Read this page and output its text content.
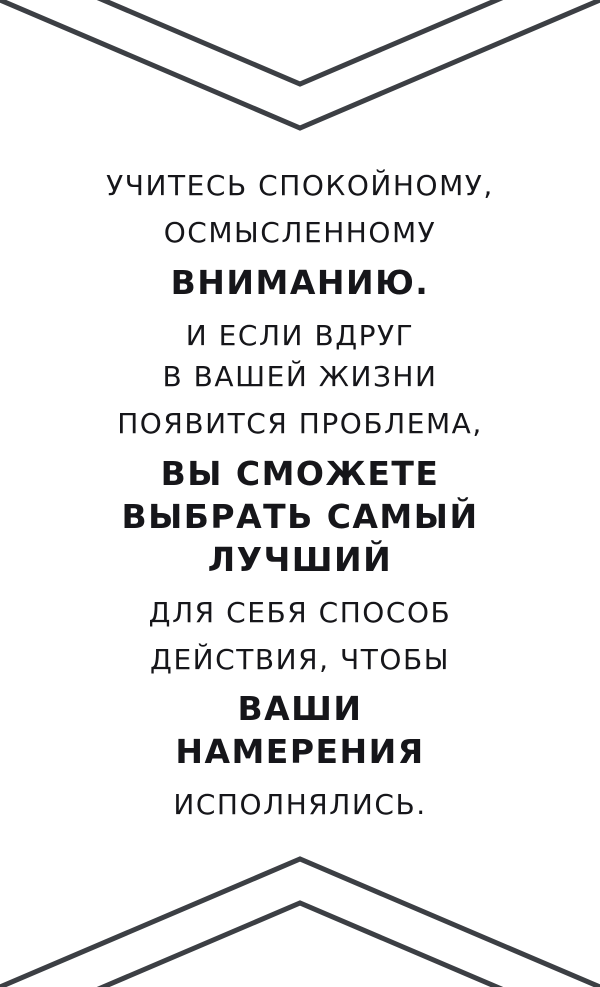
УЧИТЕСЬ СПОКОЙНОМУ,
ОСМЫСЛЕННОМУ
ВНИМАНИЮ.
И ЕСЛИ ВДРУГ
В ВАШЕЙ ЖИЗНИ
ПОЯВИТСЯ ПРОБЛЕМА,
ВЫ СМОЖЕТЕ
ВЫБРАТЬ САМЫЙ
ЛУЧШИЙ
ДЛЯ СЕБЯ СПОСОБ
ДЕЙСТВИЯ, ЧТОБЫ
ВАШИ
НАМЕРЕНИЯ
ИСПОЛНЯЛИСЬ.
